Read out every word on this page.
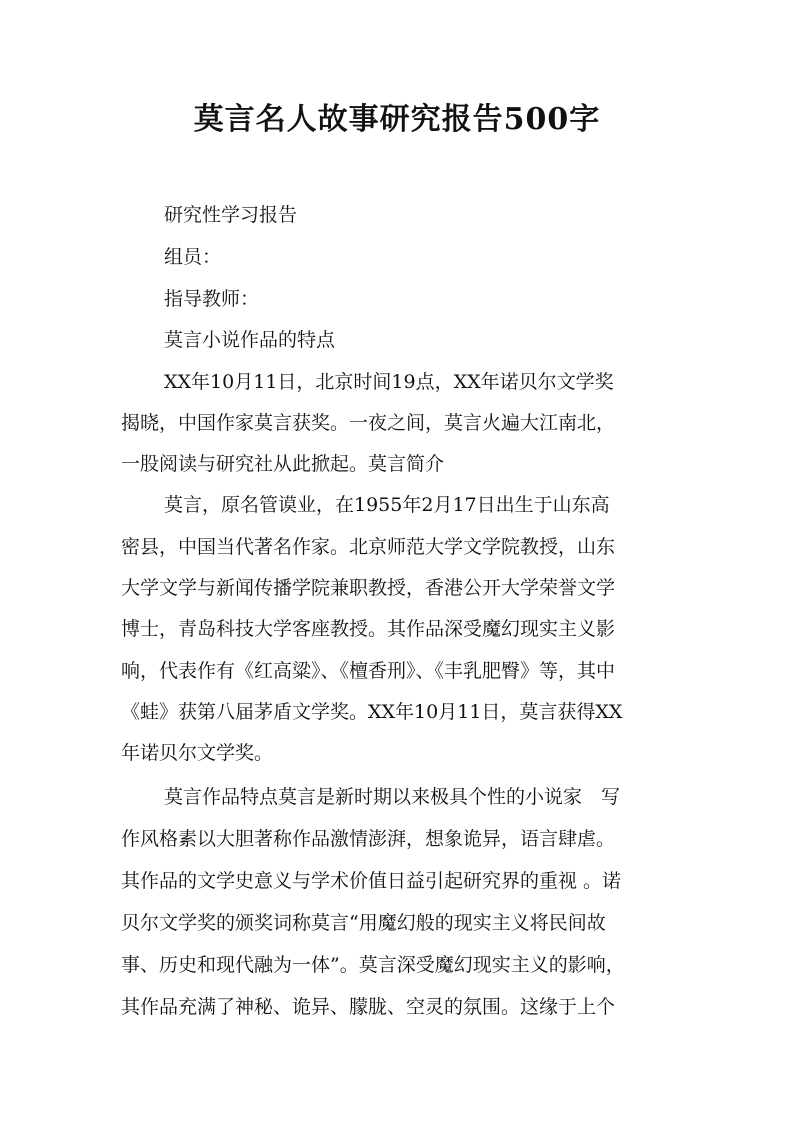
莫言名人故事研究报告500字

研究性学习报告

组员：

指导教师：

莫言小说作品的特点

XX年10月11日，北京时间19点，XX年诺贝尔文学奖

揭晓，中国作家莫言获奖。一夜之间，莫言火遍大江南北，

一股阅读与研究社从此掀起。莫言简介

莫言，原名管谟业，在1955年2月17日出生于山东高

密县，中国当代著名作家。北京师范大学文学院教授，山东

大学文学与新闻传播学院兼职教授，香港公开大学荣誉文学

博士，青岛科技大学客座教授。其作品深受魔幻现实主义影

响，代表作有《红高粱》、《檀香刑》、《丰乳肥臀》等，其中

《蛙》获第八届茅盾文学奖。XX年10月11日，莫言获得XX

年诺贝尔文学奖。

莫言作品特点莫言是新时期以来极具个性的小说家　写

作风格素以大胆著称作品激情澎湃，想象诡异，语言肆虐。

其作品的文学史意义与学术价值日益引起研究界的重视 。诺

贝尔文学奖的颁奖词称莫言“用魔幻般的现实主义将民间故

事、历史和现代融为一体”。莫言深受魔幻现实主义的影响，

其作品充满了神秘、诡异、朦胧、空灵的氛围。这缘于上个
